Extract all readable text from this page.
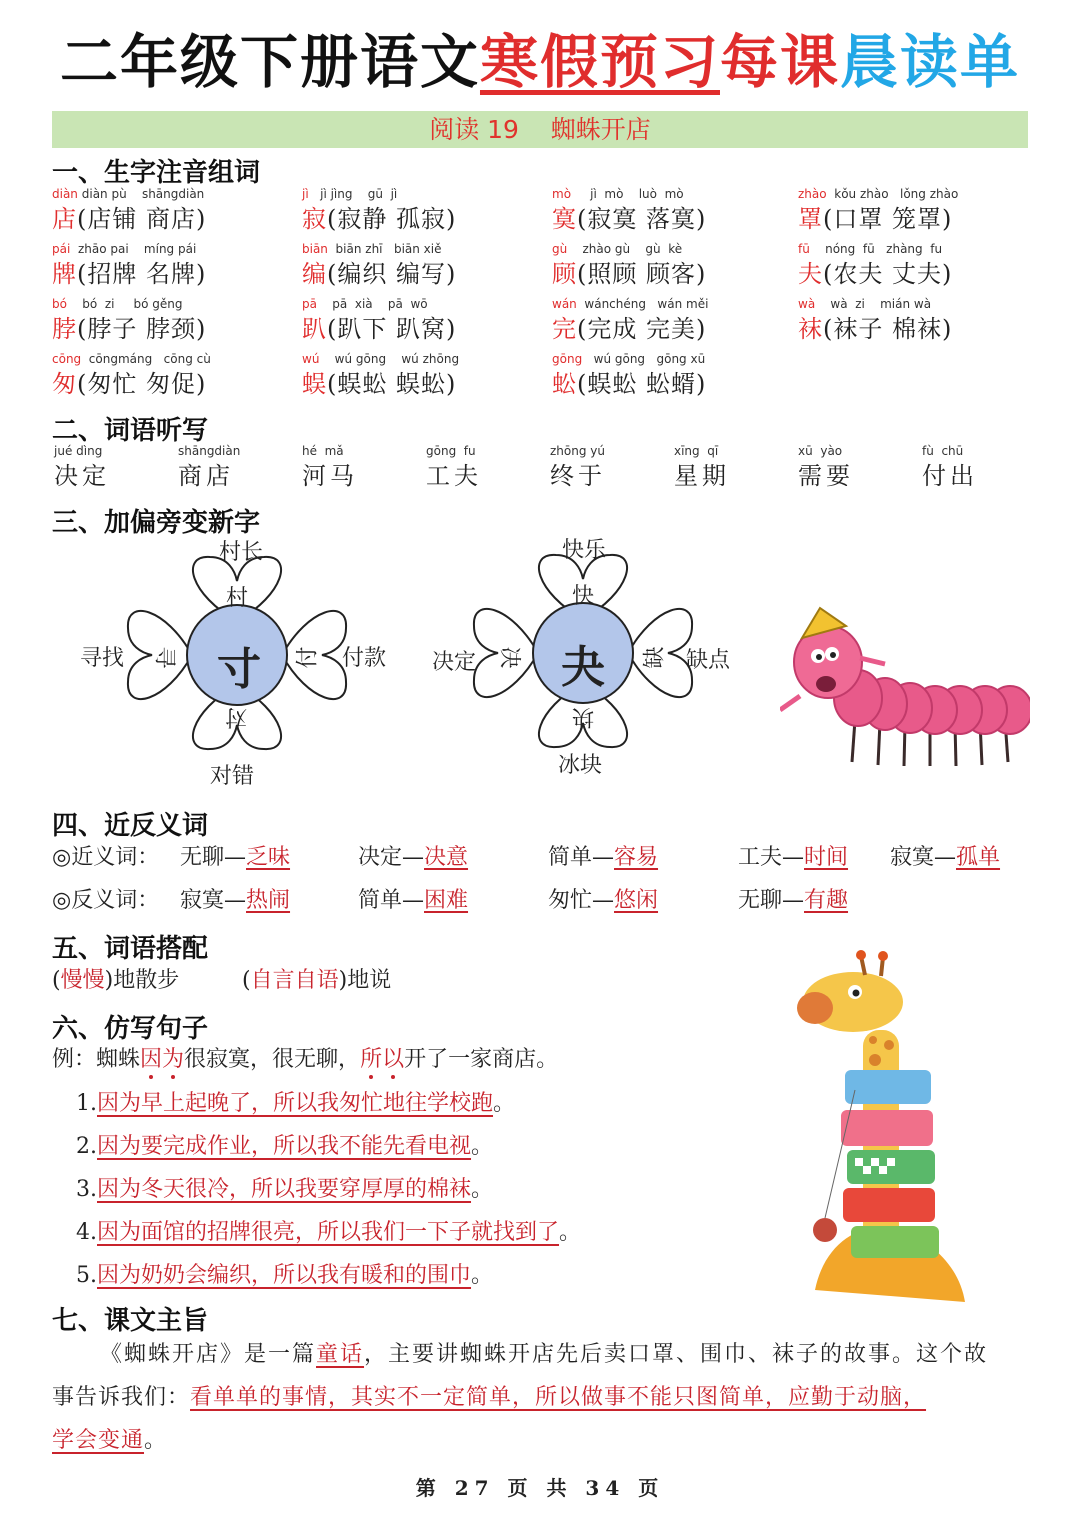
二年级下册语文寒假预习每课晨读单
阅读 19 蜘蛛开店
一、生字注音组词
diàn diàn pù    shāngdiàn
店(店铺 商店)
jì   jì jìng    gū  jì
寂(寂静 孤寂)
mò     jì  mò    luò  mò
寞(寂寞 落寞)
zhào  kǒu zhào   lǒng zhào
罩(口罩 笼罩)
pái  zhāo pai    míng pái
牌(招牌 名牌)
biān  biān zhī   biān xiě
编(编织 编写)
gù    zhào gù    gù  kè
顾(照顾 顾客)
fū    nóng  fū   zhàng  fu
夫(农夫 丈夫)
bó    bó  zi     bó gěng
脖(脖子 脖颈)
pā    pā  xià    pā  wō
趴(趴下 趴窝)
wán  wánchéng   wán měi
完(完成 完美)
wà    wà  zi    mián wà
袜(袜子 棉袜)
cōng  cōngmáng   cōng cù
匆(匆忙 匆促)
wú    wú gōng    wú zhōng
蜈(蜈蚣 蜈蚣)
gōng   wú gōng   gōng xū
蚣(蜈蚣 蚣蝑)
二、词语听写
jué dìng
决定
shāngdiàn
商店
hé  mǎ
河马
gōng  fu
工夫
zhōng yú
终于
xīng  qī
星期
xū  yào
需要
fù  chū
付出
三、加偏旁变新字
村长
村
寻找 寻	付 付款
对
对错
寸
快乐
快
决定 决	缺 缺点
块
冰块
夬
四、近反义词
◎近义词： 无聊—乏味	决定—决意	简单—容易	工夫—时间 寂寞—孤单
◎反义词： 寂寞—热闹	简单—困难	匆忙—悠闲	无聊—有趣
五、词语搭配
(慢慢)地散步	(自言自语)地说
六、仿写句子
例：蜘蛛因为很寂寞，很无聊，所以开了一家商店。
1.因为早上起晚了，所以我匆忙地往学校跑。
2.因为要完成作业，所以我不能先看电视。
3.因为冬天很冷，所以我要穿厚厚的棉袜。
4.因为面馆的招牌很亮，所以我们一下子就找到了。
5.因为奶奶会编织，所以我有暖和的围巾。
七、课文主旨
《蜘蛛开店》是一篇童话，主要讲蜘蛛开店先后卖口罩、围巾、袜子的故事。这个故
事告诉我们：看单单的事情，其实不一定简单，所以做事不能只图简单，应勤于动脑，
学会变通。
第 27 页 共 34 页
